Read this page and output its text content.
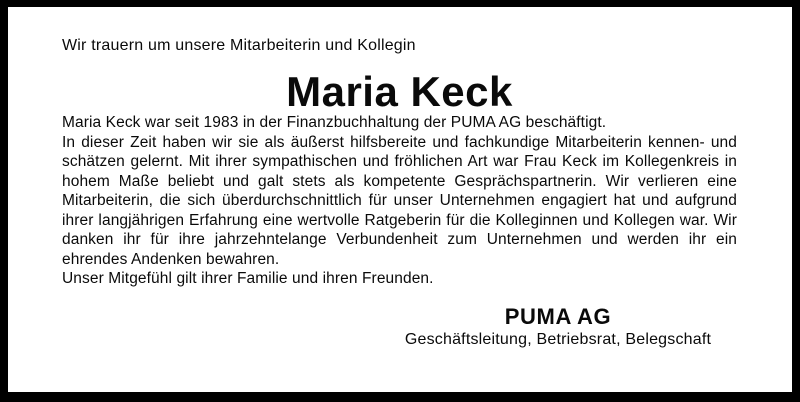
Wir trauern um unsere Mitarbeiterin und Kollegin

Maria Keck

Maria Keck war seit 1983 in der Finanzbuchhaltung der PUMA AG beschäftigt.

In dieser Zeit haben wir sie als äußerst hilfsbereite und fachkundige Mitarbeiterin kennen- und schätzen gelernt. Mit ihrer sympathischen und fröhlichen Art war Frau Keck im Kollegenkreis in hohem Maße beliebt und galt stets als kompetente Gesprächspartnerin. Wir verlieren eine Mitarbeiterin, die sich überdurchschnittlich für unser Unternehmen engagiert hat und aufgrund ihrer langjährigen Erfahrung eine wertvolle Ratgeberin für die Kolleginnen und Kollegen war. Wir danken ihr für ihre jahrzehntelange Verbundenheit zum Unternehmen und werden ihr ein ehrendes Andenken bewahren.

Unser Mitgefühl gilt ihrer Familie und ihren Freunden.

PUMA AG

Geschäftsleitung, Betriebsrat, Belegschaft
